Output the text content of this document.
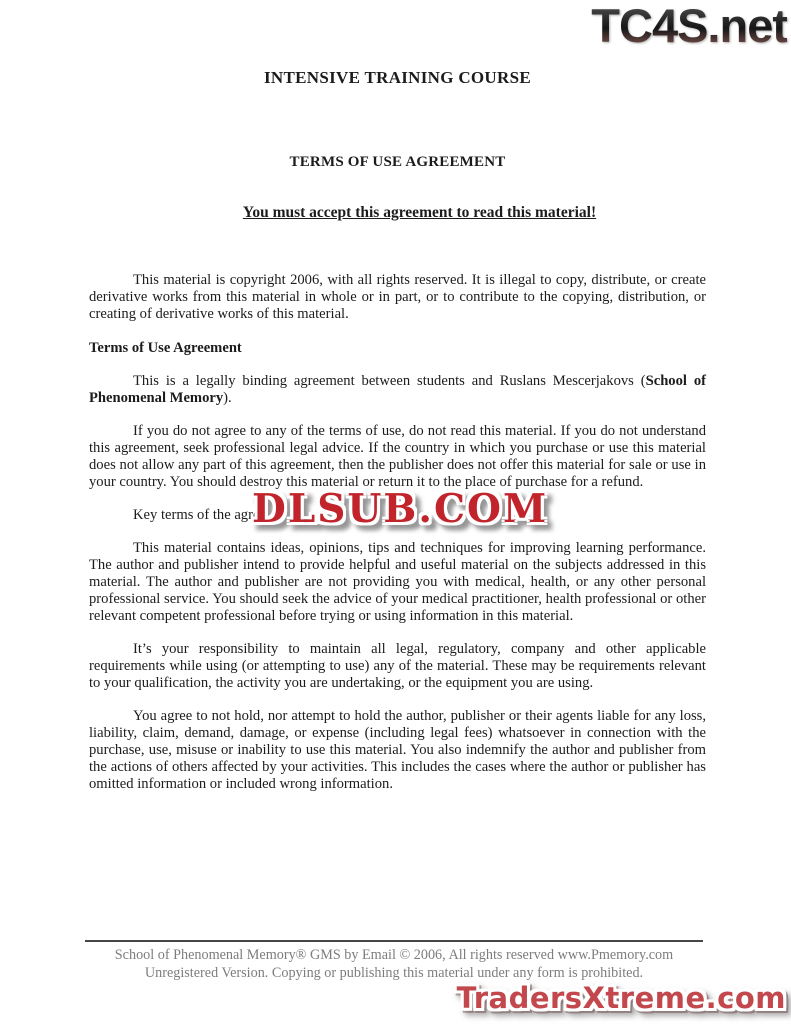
TC4S.net
INTENSIVE TRAINING COURSE
TERMS OF USE AGREEMENT

You must accept this agreement to read this material!

This material is copyright 2006, with all rights reserved. It is illegal to copy, distribute, or create derivative works from this material in whole or in part, or to contribute to the copying, distribution, or creating of derivative works of this material.

Terms of Use Agreement

This is a legally binding agreement between students and Ruslans Mescerjakovs (School of Phenomenal Memory).

If you do not agree to any of the terms of use, do not read this material. If you do not understand this agreement, seek professional legal advice. If the country in which you purchase or use this material does not allow any part of this agreement, then the publisher does not offer this material for sale or use in your country. You should destroy this material or return it to the place of purchase for a refund.

Key terms of the agre

This material contains ideas, opinions, tips and techniques for improving learning performance. The author and publisher intend to provide helpful and useful material on the subjects addressed in this material. The author and publisher are not providing you with medical, health, or any other personal professional service. You should seek the advice of your medical practitioner, health professional or other relevant competent professional before trying or using information in this material.

It’s your responsibility to maintain all legal, regulatory, company and other applicable requirements while using (or attempting to use) any of the material. These may be requirements relevant to your qualification, the activity you are undertaking, or the equipment you are using.

You agree to not hold, nor attempt to hold the author, publisher or their agents liable for any loss, liability, claim, demand, damage, or expense (including legal fees) whatsoever in connection with the purchase, use, misuse or inability to use this material. You also indemnify the author and publisher from the actions of others affected by your activities. This includes the cases where the author or publisher has omitted information or included wrong information.

DLSUB.COM

School of Phenomenal Memory® GMS by Email © 2006, All rights reserved www.Pmemory.com

Unregistered Version. Copying or publishing this material under any form is prohibited.

TradersXtreme.com
